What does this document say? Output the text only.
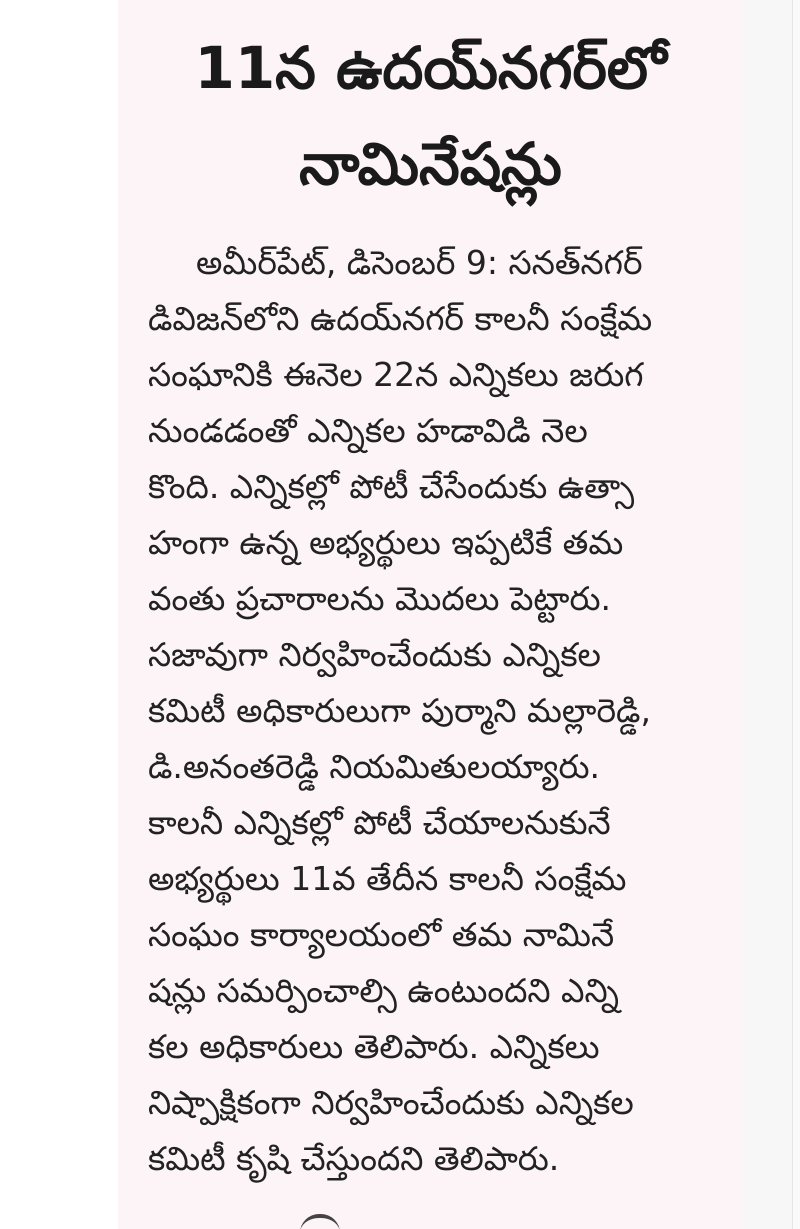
11న ఉదయ్‌నగర్‌లో
నామినేషన్లు

అమీర్‌పేట్, డిసెంబర్ 9: సనత్‌నగర్

డివిజన్‌లోని ఉదయ్‌నగర్ కాలనీ సంక్షేమ

సంఘానికి ఈనెల 22న ఎన్నికలు జరుగ

నుండడంతో ఎన్నికల హడావిడి నెల

కొంది. ఎన్నికల్లో పోటీ చేసేందుకు ఉత్సా

హంగా ఉన్న అభ్యర్థులు ఇప్పటికే తమ

వంతు ప్రచారాలను మొదలు పెట్టారు.

సజావుగా నిర్వహించేందుకు ఎన్నికల

కమిటీ అధికారులుగా పుర్మాని మల్లారెడ్డి,

డి.అనంతరెడ్డి నియమితులయ్యారు.

కాలనీ ఎన్నికల్లో పోటీ చేయాలనుకునే

అభ్యర్థులు 11వ తేదీన కాలనీ సంక్షేమ

సంఘం కార్యాలయంలో తమ నామినే

షన్లు సమర్పించాల్సి ఉంటుందని ఎన్ని

కల అధికారులు తెలిపారు. ఎన్నికలు

నిష్పాక్షికంగా నిర్వహించేందుకు ఎన్నికల

కమిటీ కృషి చేస్తుందని తెలిపారు.
